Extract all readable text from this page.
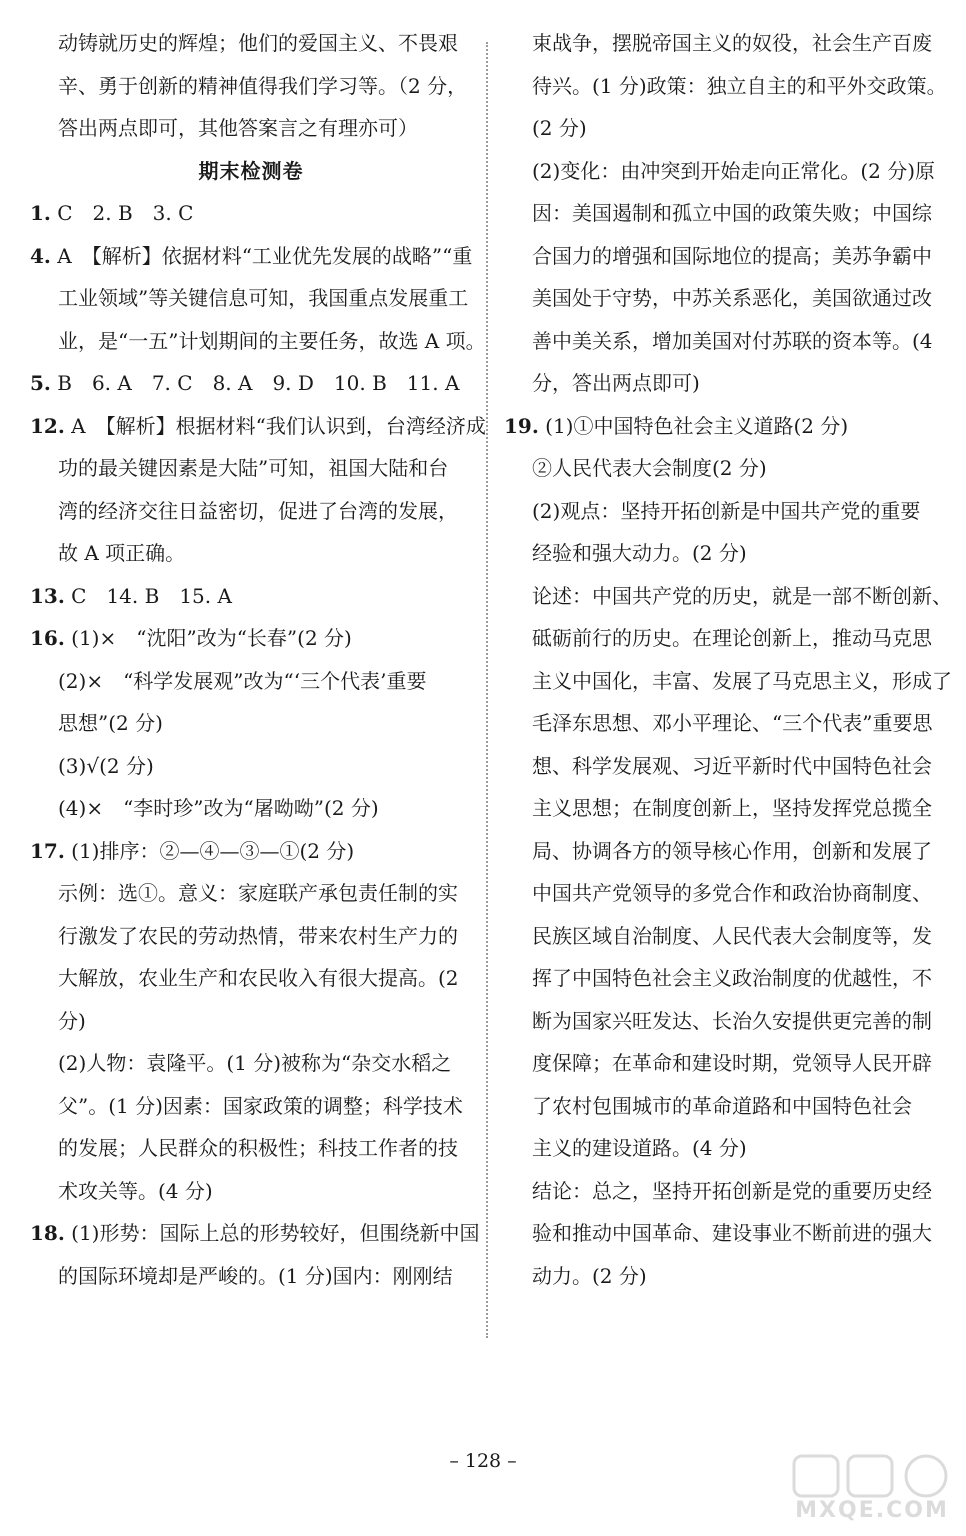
动铸就历史的辉煌；他们的爱国主义、不畏艰
辛、勇于创新的精神值得我们学习等。（2 分，
答出两点即可，其他答案言之有理亦可）
期末检测卷
1. C　2. B　3. C
4. A　【解析】依据材料“工业优先发展的战略”“重
工业领域”等关键信息可知，我国重点发展重工
业，是“一五”计划期间的主要任务，故选 A 项。
5. B　6. A　7. C　8. A　9. D　10. B　11. A
12. A　【解析】根据材料“我们认识到，台湾经济成
功的最关键因素是大陆”可知，祖国大陆和台
湾的经济交往日益密切，促进了台湾的发展，
故 A 项正确。
13. C　14. B　15. A
16. (1)×　“沈阳”改为“长春”(2 分)
(2)×　“科学发展观”改为“‘三个代表’重要
思想”(2 分)
(3)√(2 分)
(4)×　“李时珍”改为“屠呦呦”(2 分)
17. (1)排序：②—④—③—①(2 分)
示例：选①。意义：家庭联产承包责任制的实
行激发了农民的劳动热情，带来农村生产力的
大解放，农业生产和农民收入有很大提高。(2
分)
(2)人物：袁隆平。(1 分)被称为“杂交水稻之
父”。(1 分)因素：国家政策的调整；科学技术
的发展；人民群众的积极性；科技工作者的技
术攻关等。(4 分)
18. (1)形势：国际上总的形势较好，但围绕新中国
的国际环境却是严峻的。(1 分)国内：刚刚结
束战争，摆脱帝国主义的奴役，社会生产百废
待兴。(1 分)政策：独立自主的和平外交政策。
(2 分)
(2)变化：由冲突到开始走向正常化。(2 分)原
因：美国遏制和孤立中国的政策失败；中国综
合国力的增强和国际地位的提高；美苏争霸中
美国处于守势，中苏关系恶化，美国欲通过改
善中美关系，增加美国对付苏联的资本等。(4
分，答出两点即可)
19. (1)①中国特色社会主义道路(2 分)
②人民代表大会制度(2 分)
(2)观点：坚持开拓创新是中国共产党的重要
经验和强大动力。(2 分)
论述：中国共产党的历史，就是一部不断创新、
砥砺前行的历史。在理论创新上，推动马克思
主义中国化，丰富、发展了马克思主义，形成了
毛泽东思想、邓小平理论、“三个代表”重要思
想、科学发展观、习近平新时代中国特色社会
主义思想；在制度创新上，坚持发挥党总揽全
局、协调各方的领导核心作用，创新和发展了
中国共产党领导的多党合作和政治协商制度、
民族区域自治制度、人民代表大会制度等，发
挥了中国特色社会主义政治制度的优越性，不
断为国家兴旺发达、长治久安提供更完善的制
度保障；在革命和建设时期，党领导人民开辟
了农村包围城市的革命道路和中国特色社会
主义的建设道路。(4 分)
结论：总之，坚持开拓创新是党的重要历史经
验和推动中国革命、建设事业不断前进的强大
动力。(2 分)
– 128 –
MXQE.COM
